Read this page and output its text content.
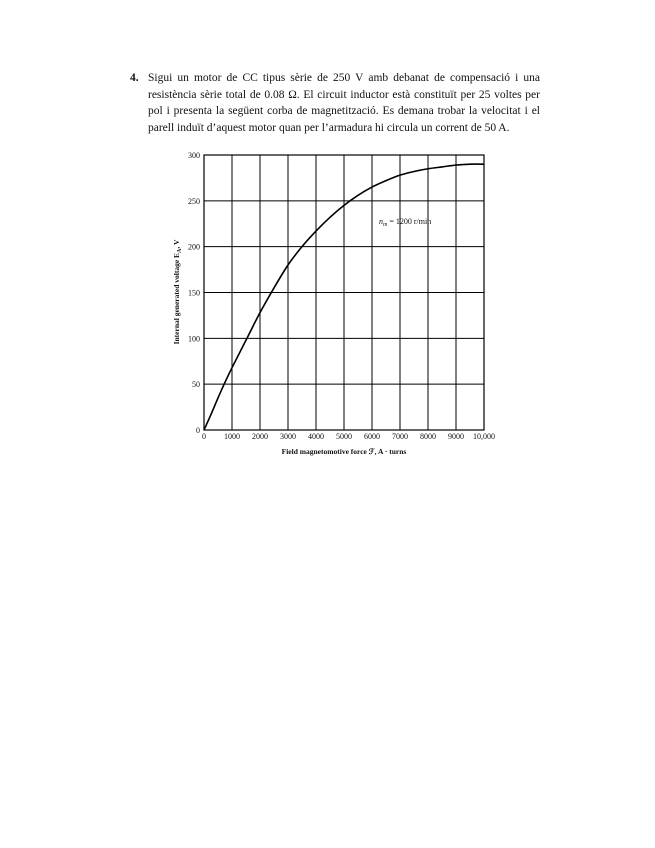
4. Sigui un motor de CC tipus sèrie de 250 V amb debanat de compensació i una resistència sèrie total de 0.08 Ω. El circuit inductor està constituït per 25 voltes per pol i presenta la següent corba de magnetització. Es demana trobar la velocitat i el parell induït d’aquest motor quan per l’armadura hi circula un corrent de 50 A.
0 1000 2000 3000 4000 5000 6000 7000 8000 9000 10,000
0
50
100
150
200
250
300
$n_m = 1200$ r/min
Field magnetomotive force ℱ, A · turns
Internal generated voltage $E_A$, V
